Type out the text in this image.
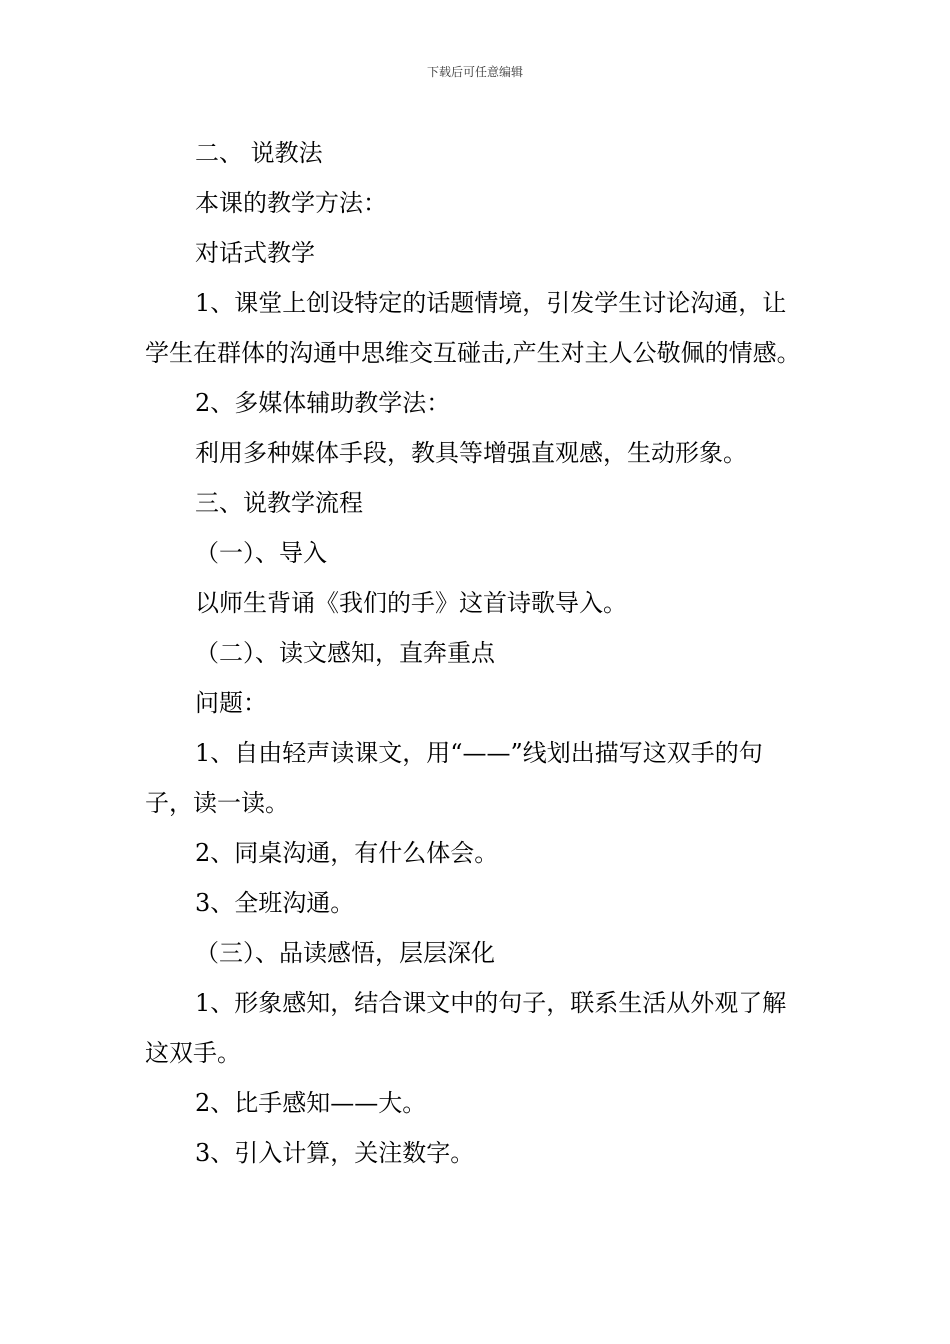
下载后可任意编辑

二、 说教法

本课的教学方法：

对话式教学

1、课堂上创设特定的话题情境，引发学生讨论沟通，让学生在群体的沟通中思维交互碰击,产生对主人公敬佩的情感。

2、多媒体辅助教学法：

利用多种媒体手段，教具等增强直观感，生动形象。

三、说教学流程

（一）、导入

以师生背诵《我们的手》这首诗歌导入。

（二）、读文感知，直奔重点

问题：

1、自由轻声读课文，用“——”线划出描写这双手的句子，读一读。

2、同桌沟通，有什么体会。

3、全班沟通。

（三）、品读感悟，层层深化

1、形象感知，结合课文中的句子，联系生活从外观了解这双手。

2、比手感知——大。

3、引入计算，关注数字。
